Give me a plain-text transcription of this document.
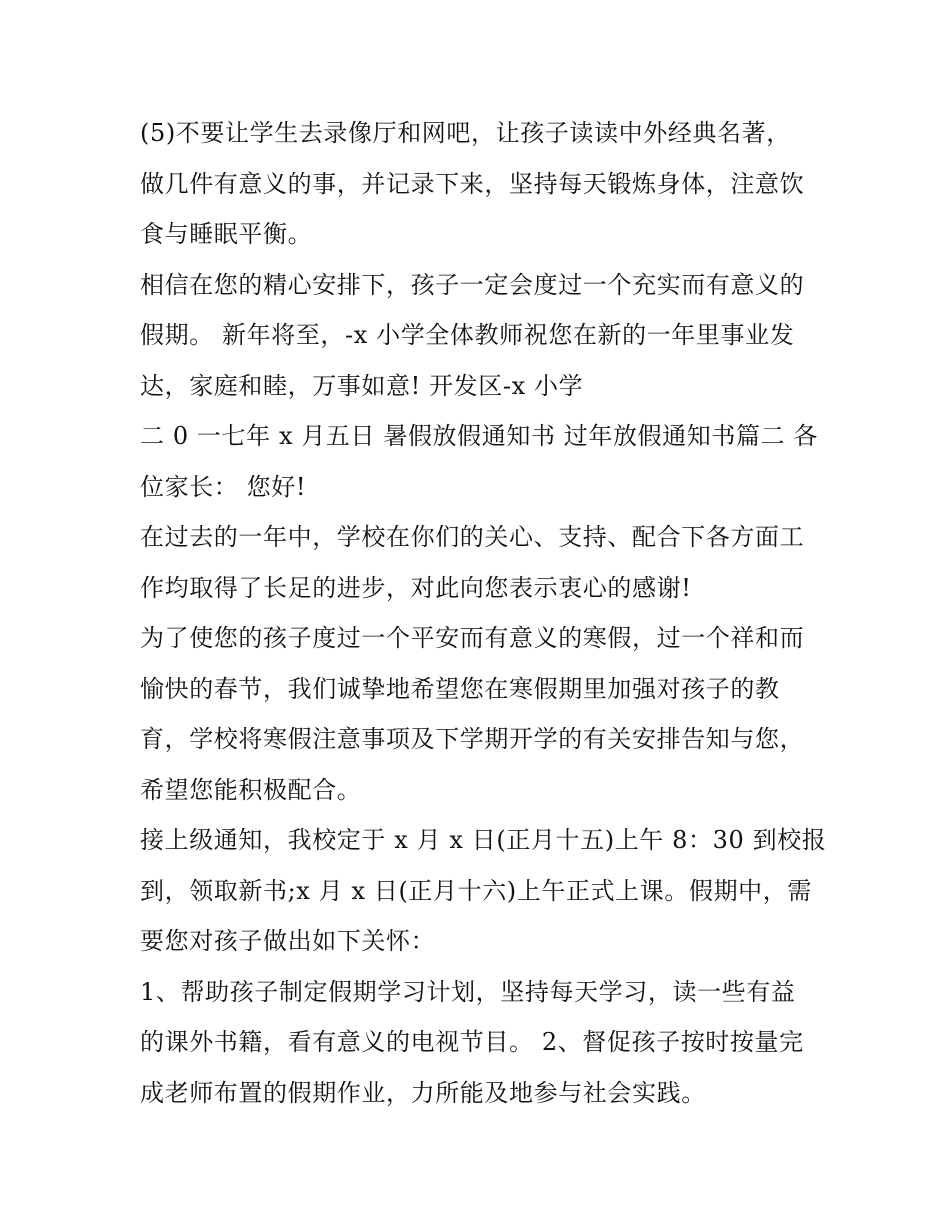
(5)不要让学生去录像厅和网吧，让孩子读读中外经典名著，
做几件有意义的事，并记录下来，坚持每天锻炼身体，注意饮
食与睡眠平衡。
相信在您的精心安排下，孩子一定会度过一个充实而有意义的
假期。 新年将至，-x 小学全体教师祝您在新的一年里事业发
达，家庭和睦，万事如意! 开发区-x 小学
二 0 一七年 x 月五日 暑假放假通知书 过年放假通知书篇二 各
位家长： 您好!
在过去的一年中，学校在你们的关心、支持、配合下各方面工
作均取得了长足的进步，对此向您表示衷心的感谢!
为了使您的孩子度过一个平安而有意义的寒假，过一个祥和而
愉快的春节，我们诚挚地希望您在寒假期里加强对孩子的教
育，学校将寒假注意事项及下学期开学的有关安排告知与您，
希望您能积极配合。
接上级通知，我校定于 x 月 x 日(正月十五)上午 8：30 到校报
到，领取新书;x 月 x 日(正月十六)上午正式上课。假期中，需
要您对孩子做出如下关怀：
1、帮助孩子制定假期学习计划，坚持每天学习，读一些有益
的课外书籍，看有意义的电视节目。 2、督促孩子按时按量完
成老师布置的假期作业，力所能及地参与社会实践。
